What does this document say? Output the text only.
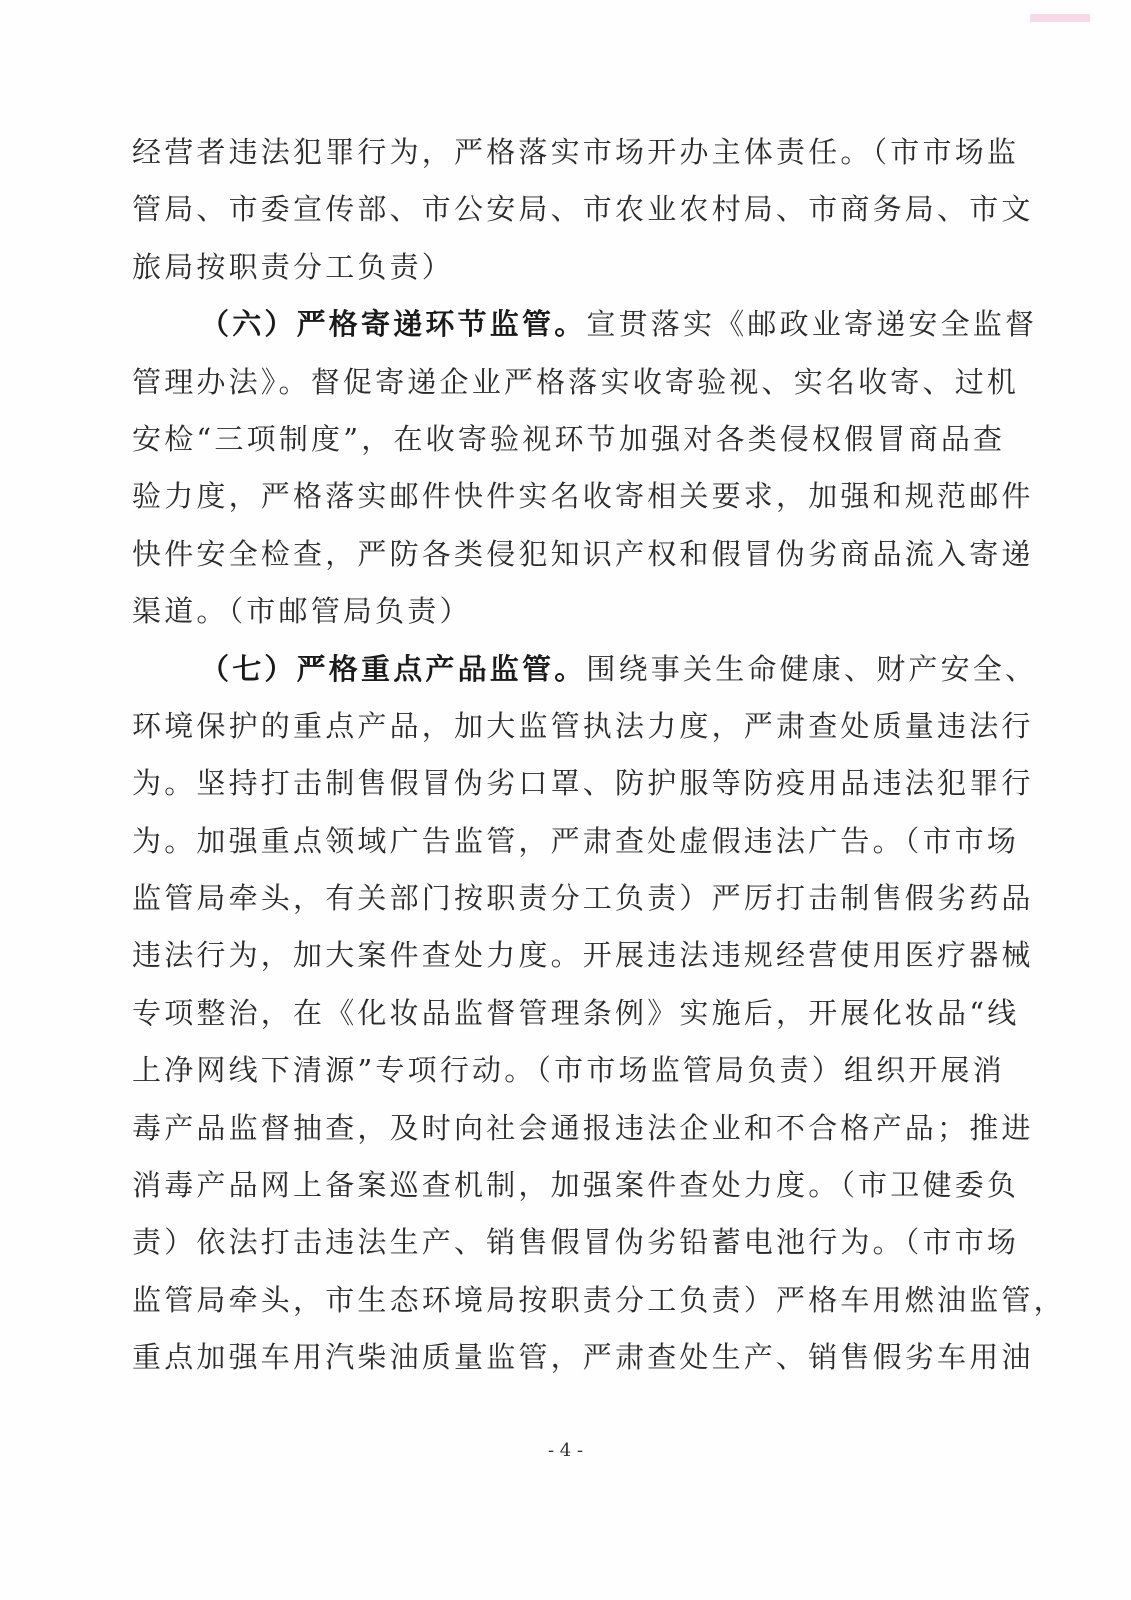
经营者违法犯罪行为，严格落实市场开办主体责任。（市市场监
管局、市委宣传部、市公安局、市农业农村局、市商务局、市文
旅局按职责分工负责）
（六）严格寄递环节监管。宣贯落实《邮政业寄递安全监督
管理办法》。督促寄递企业严格落实收寄验视、实名收寄、过机
安检“三项制度”，在收寄验视环节加强对各类侵权假冒商品查
验力度，严格落实邮件快件实名收寄相关要求，加强和规范邮件
快件安全检查，严防各类侵犯知识产权和假冒伪劣商品流入寄递
渠道。（市邮管局负责）
（七）严格重点产品监管。围绕事关生命健康、财产安全、
环境保护的重点产品，加大监管执法力度，严肃查处质量违法行
为。坚持打击制售假冒伪劣口罩、防护服等防疫用品违法犯罪行
为。加强重点领域广告监管，严肃查处虚假违法广告。（市市场
监管局牵头，有关部门按职责分工负责）严厉打击制售假劣药品
违法行为，加大案件查处力度。开展违法违规经营使用医疗器械
专项整治，在《化妆品监督管理条例》实施后，开展化妆品“线
上净网线下清源”专项行动。（市市场监管局负责）组织开展消
毒产品监督抽查，及时向社会通报违法企业和不合格产品；推进
消毒产品网上备案巡查机制，加强案件查处力度。（市卫健委负
责）依法打击违法生产、销售假冒伪劣铅蓄电池行为。（市市场
监管局牵头，市生态环境局按职责分工负责）严格车用燃油监管，
重点加强车用汽柴油质量监管，严肃查处生产、销售假劣车用油
- 4 -
